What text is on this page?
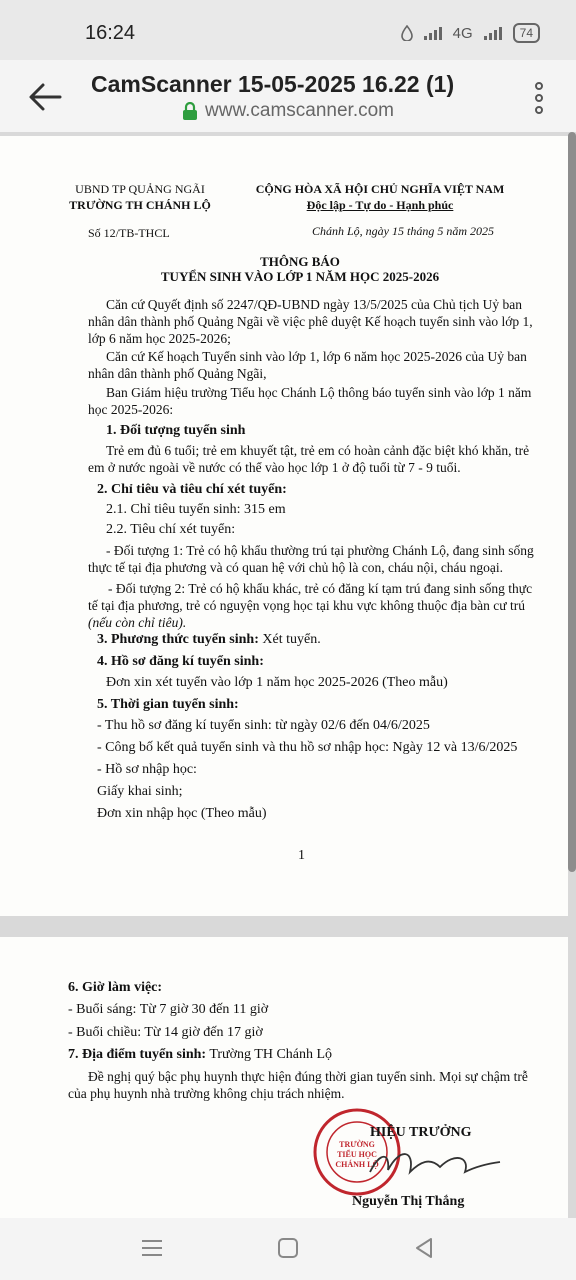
16:24	4G	74
CamScanner 15-05-2025 16.22 (1)
www.camscanner.com
UBND TP QUẢNG NGÃI
TRƯỜNG TH CHÁNH LỘ
CỘNG HÒA XÃ HỘI CHỦ NGHĨA VIỆT NAM
Độc lập - Tự do - Hạnh phúc
Số 12/TB-THCL	Chánh Lộ, ngày 15 tháng 5 năm 2025
THÔNG BÁO
TUYỂN SINH VÀO LỚP 1 NĂM HỌC 2025-2026
Căn cứ Quyết định số 2247/QĐ-UBND ngày 13/5/2025 của Chủ tịch Uỷ ban nhân dân thành phố Quảng Ngãi về việc phê duyệt Kế hoạch tuyển sinh vào lớp 1, lớp 6 năm học 2025-2026;
Căn cứ Kế hoạch Tuyển sinh vào lớp 1, lớp 6 năm học 2025-2026 của Uỷ ban nhân dân thành phố Quảng Ngãi,
Ban Giám hiệu trường Tiểu học Chánh Lộ thông báo tuyển sinh vào lớp 1 năm học 2025-2026:
1. Đối tượng tuyển sinh
Trẻ em đủ 6 tuổi; trẻ em khuyết tật, trẻ em có hoàn cảnh đặc biệt khó khăn, trẻ em ở nước ngoài về nước có thể vào học lớp 1 ở độ tuổi từ 7 - 9 tuổi.
2. Chỉ tiêu và tiêu chí xét tuyển:
2.1. Chỉ tiêu tuyển sinh: 315 em
2.2. Tiêu chí xét tuyển:
- Đối tượng 1: Trẻ có hộ khẩu thường trú tại phường Chánh Lộ, đang sinh sống thực tế tại địa phương và có quan hệ với chủ hộ là con, cháu nội, cháu ngoại.
- Đối tượng 2: Trẻ có hộ khẩu khác, trẻ có đăng kí tạm trú đang sinh sống thực tế tại địa phương, trẻ có nguyện vọng học tại khu vực không thuộc địa bàn cư trú (nếu còn chỉ tiêu).
3. Phương thức tuyển sinh: Xét tuyển.
4. Hồ sơ đăng kí tuyển sinh:
Đơn xin xét tuyển vào lớp 1 năm học 2025-2026 (Theo mẫu)
5. Thời gian tuyển sinh:
- Thu hồ sơ đăng kí tuyển sinh: từ ngày 02/6 đến 04/6/2025
- Công bố kết quả tuyển sinh và thu hồ sơ nhập học: Ngày 12 và 13/6/2025
- Hồ sơ nhập học:
Giấy khai sinh;
Đơn xin nhập học (Theo mẫu)
1
6. Giờ làm việc:
- Buổi sáng: Từ 7 giờ 30 đến 11 giờ
- Buổi chiều: Từ 14 giờ đến 17 giờ
7. Địa điểm tuyển sinh: Trường TH Chánh Lộ
Đề nghị quý bậc phụ huynh thực hiện đúng thời gian tuyển sinh. Mọi sự chậm trễ của phụ huynh nhà trường không chịu trách nhiệm.
TRƯỜNG
TIỂU HỌC
CHÁNH LỘ
HIỆU TRƯỞNG
Nguyễn Thị Thắng
